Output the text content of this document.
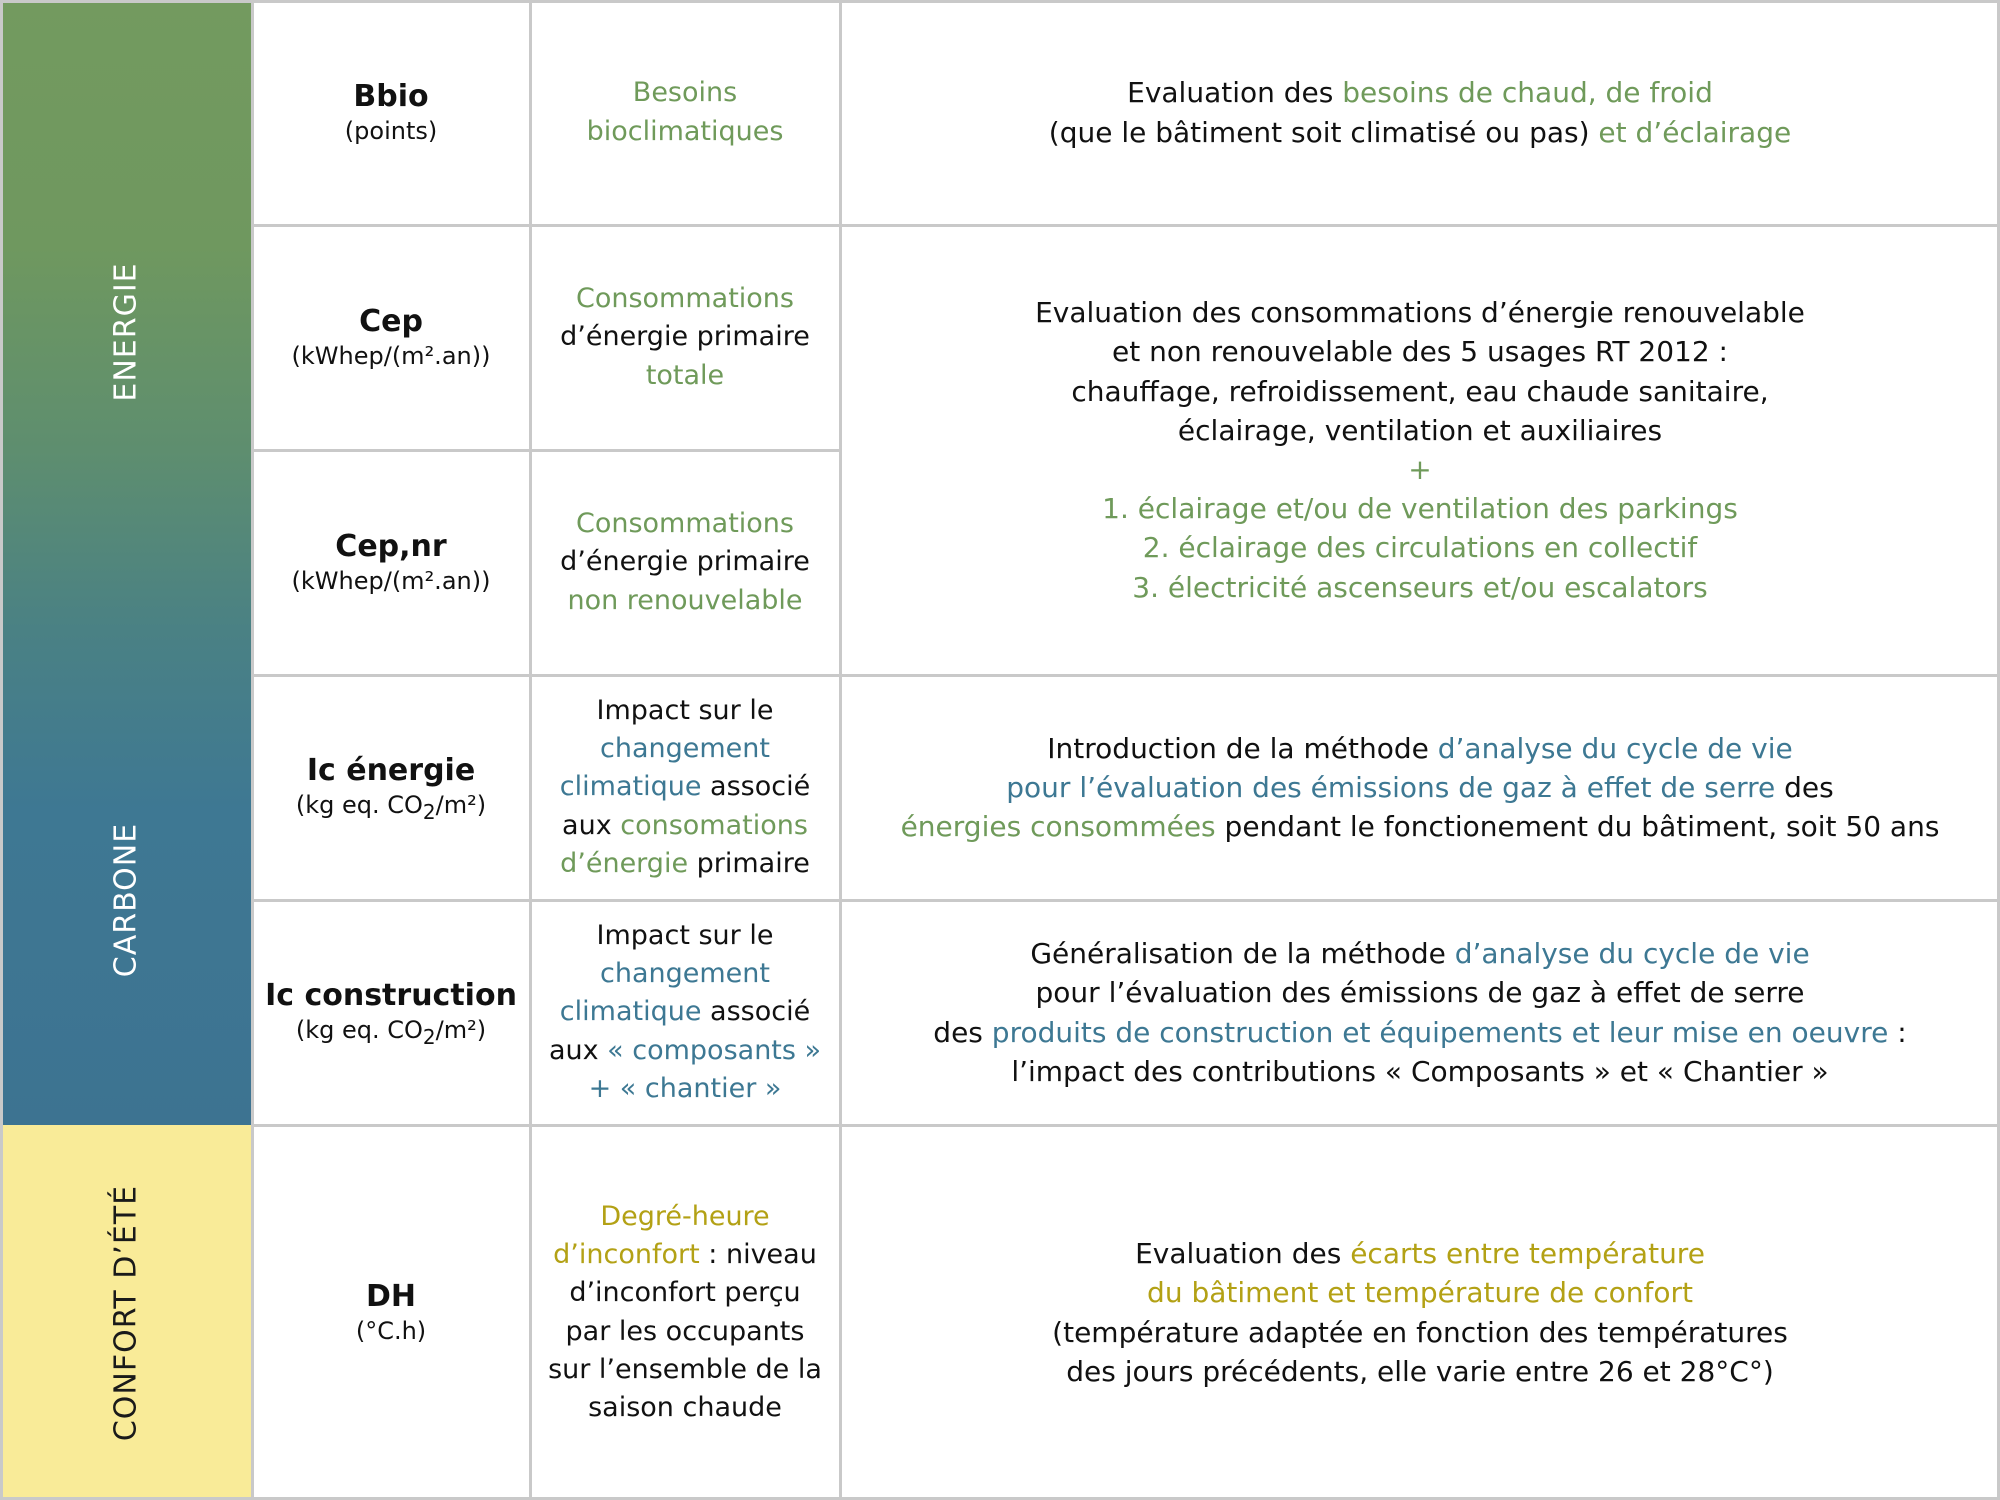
ENERGIE
CARBONE
CONFORT D’ÉTÉ
Bbio
(points)
Besoins
bioclimatiques
Evaluation des besoins de chaud, de froid
(que le bâtiment soit climatisé ou pas) et d’éclairage
Cep
(kWhep/(m².an))
Consommations
d’énergie primaire
totale
Cep,nr
(kWhep/(m².an))
Consommations
d’énergie primaire
non renouvelable
Evaluation des consommations d’énergie renouvelable
et non renouvelable des 5 usages RT 2012 :
chauffage, refroidissement, eau chaude sanitaire,
éclairage, ventilation et auxiliaires
+
1. éclairage et/ou de ventilation des parkings
2. éclairage des circulations en collectif
3. électricité ascenseurs et/ou escalators
Ic énergie
(kg eq. $CO_2/m^2$)
Impact sur le
changement
climatique associé
aux consomations
d’énergie primaire
Introduction de la méthode d’analyse du cycle de vie
pour l’évaluation des émissions de gaz à effet de serre des
énergies consommées pendant le fonctionement du bâtiment, soit 50 ans
Ic construction
(kg eq. $CO_2/m^2$)
Impact sur le
changement
climatique associé
aux « composants »
+ « chantier »
Généralisation de la méthode d’analyse du cycle de vie
pour l’évaluation des émissions de gaz à effet de serre
des produits de construction et équipements et leur mise en oeuvre :
l’impact des contributions « Composants » et « Chantier »
DH
(°C.h)
Degré-heure
d’inconfort : niveau
d’inconfort perçu
par les occupants
sur l’ensemble de la
saison chaude
Evaluation des écarts entre température
du bâtiment et température de confort
(température adaptée en fonction des températures
des jours précédents, elle varie entre 26 et 28°C°)
